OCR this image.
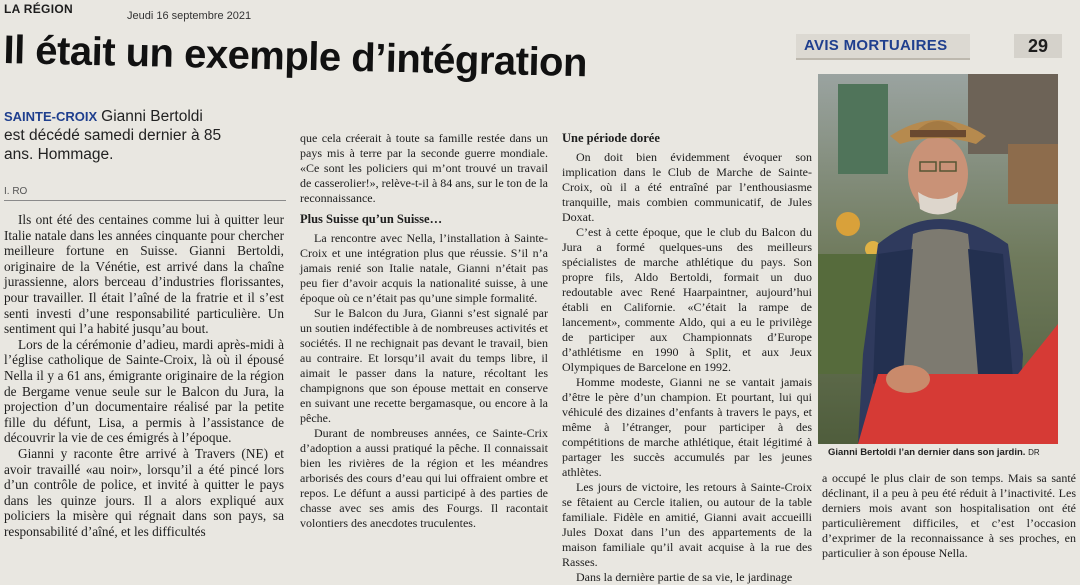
LA RÉGION	Jeudi 16 septembre 2021
AVIS MORTUAIRES	29
Il était un exemple d’intégration
SAINTE-CROIX Gianni Bertoldi est décédé samedi dernier à 85 ans. Hommage.
I. RO

Ils ont été des centaines comme lui à quitter leur Italie natale dans les années cinquante pour chercher meilleure fortune en Suisse. Gianni Bertoldi, originaire de la Vénétie, est arrivé dans la chaîne jurassienne, alors berceau d’industries florissantes, pour travailler. Il était l’aîné de la fratrie et il s’est senti investi d’une responsabilité particulière. Un sentiment qui l’a habité jusqu’au bout.

Lors de la cérémonie d’adieu, mardi après-midi à l’église catholique de Sainte-Croix, là où il épousé Nella il y a 61 ans, émigrante originaire de la région de Bergame venue seule sur le Balcon du Jura, la projection d’un documentaire réalisé par la petite fille du défunt, Lisa, a permis à l’assistance de découvrir la vie de ces émigrés à l’époque.

Gianni y raconte être arrivé à Travers (NE) et avoir travaillé «au noir», lorsqu’il a été pincé lors d’un contrôle de police, et invité à quitter le pays dans les quinze jours. Il a alors expliqué aux policiers la misère qui régnait dans son pays, sa responsabilité d’aîné, et les difficultés

que cela créerait à toute sa famille restée dans un pays mis à terre par la seconde guerre mondiale. «Ce sont les policiers qui m’ont trouvé un travail de casserolier!», relève-t-il à 84 ans, sur le ton de la reconnaissance.

Plus Suisse qu’un Suisse…

La rencontre avec Nella, l’installation à Sainte-Croix et une intégration plus que réussie. S’il n’a jamais renié son Italie natale, Gianni n’était pas peu fier d’avoir acquis la nationalité suisse, à une époque où ce n’était pas qu’une simple formalité.

Sur le Balcon du Jura, Gianni s’est signalé par un soutien indéfectible à de nombreuses activités et sociétés. Il ne rechignait pas devant le travail, bien au contraire. Et lorsqu’il avait du temps libre, il aimait le passer dans la nature, récoltant les champignons que son épouse mettait en conserve en suivant une recette bergamasque, ou encore à la pêche.

Durant de nombreuses années, ce Sainte-Crix d’adoption a aussi pratiqué la pêche. Il connaissait bien les rivières de la région et les méandres arborisés des cours d’eau qui lui offraient ombre et repos. Le défunt a aussi participé à des parties de chasse avec ses amis des Fourgs. Il racontait volontiers des anecdotes truculentes.

Une période dorée

On doit bien évidemment évoquer son implication dans le Club de Marche de Sainte-Croix, où il a été entraîné par l’enthousiasme tranquille, mais combien communicatif, de Jules Doxat.

C’est à cette époque, que le club du Balcon du Jura a formé quelques-uns des meilleurs spécialistes de marche athlétique du pays. Son propre fils, Aldo Bertoldi, formait un duo redoutable avec René Haarpaintner, aujourd’hui établi en Californie. «C’était la rampe de lancement», commente Aldo, qui a eu le privilège de participer aux Championnats d’Europe d’athlétisme en 1990 à Split, et aux Jeux Olympiques de Barcelone en 1992.

Homme modeste, Gianni ne se vantait jamais d’être le père d’un champion. Et pourtant, lui qui véhiculé des dizaines d’enfants à travers le pays, et même à l’étranger, pour participer à des compétitions de marche athlétique, était légitimé à partager les succès accumulés par les jeunes athlètes.

Les jours de victoire, les retours à Sainte-Croix se fêtaient au Cercle italien, ou autour de la table familiale. Fidèle en amitié, Gianni avait accueilli Jules Doxat dans l’un des appartements de la maison familiale qu’il avait acquise à la rue des Rasses.

Dans la dernière partie de sa vie, le jardinage

Gianni Bertoldi l’an dernier dans son jardin. DR

a occupé le plus clair de son temps. Mais sa santé déclinant, il a peu à peu été réduit à l’inactivité. Les derniers mois avant son hospitalisation ont été particulièrement difficiles, et c’est l’occasion d’exprimer de la reconnaissance à ses proches, en particulier à son épouse Nella.
